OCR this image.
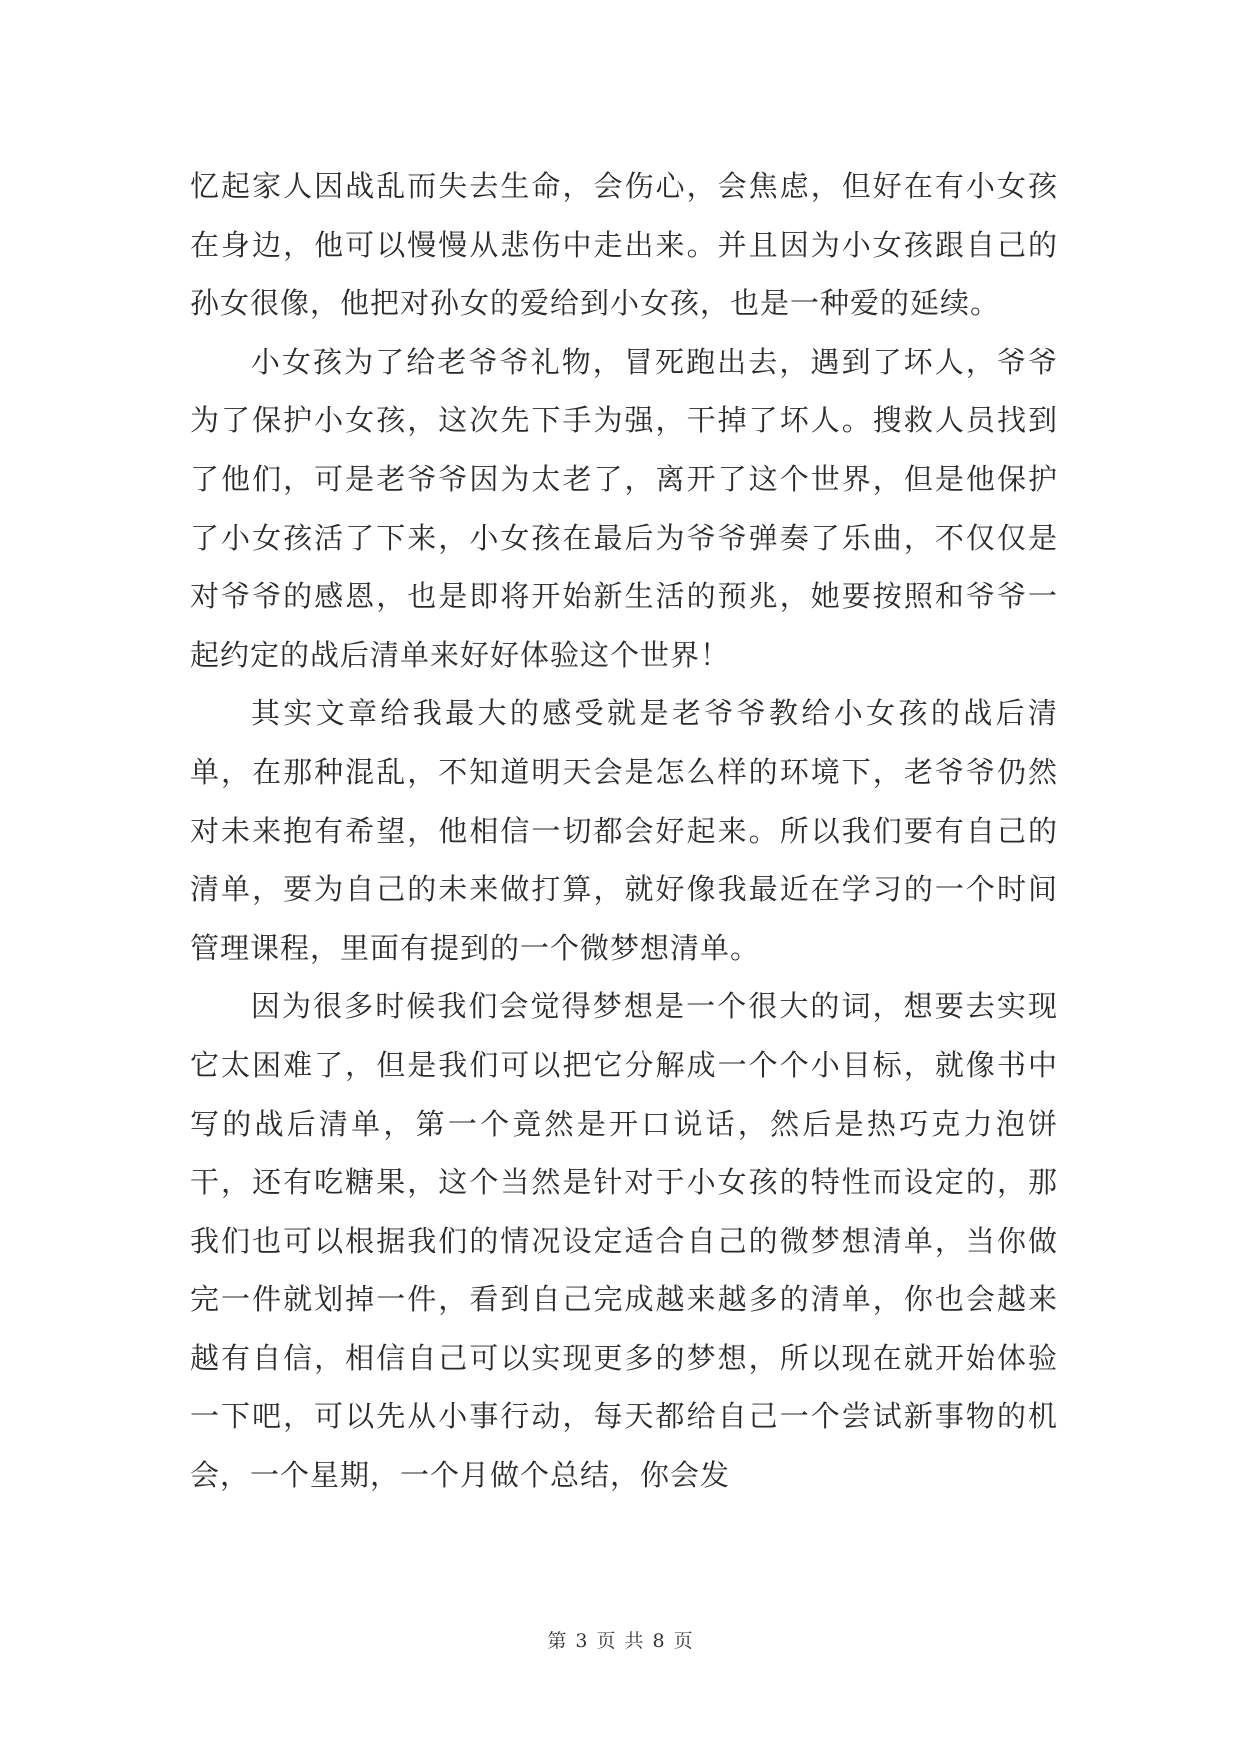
忆起家人因战乱而失去生命，会伤心，会焦虑，但好在有小女孩在身边，他可以慢慢从悲伤中走出来。并且因为小女孩跟自己的孙女很像，他把对孙女的爱给到小女孩，也是一种爱的延续。

小女孩为了给老爷爷礼物，冒死跑出去，遇到了坏人，爷爷为了保护小女孩，这次先下手为强，干掉了坏人。搜救人员找到了他们，可是老爷爷因为太老了，离开了这个世界，但是他保护了小女孩活了下来，小女孩在最后为爷爷弹奏了乐曲，不仅仅是对爷爷的感恩，也是即将开始新生活的预兆，她要按照和爷爷一起约定的战后清单来好好体验这个世界！

其实文章给我最大的感受就是老爷爷教给小女孩的战后清单，在那种混乱，不知道明天会是怎么样的环境下，老爷爷仍然对未来抱有希望，他相信一切都会好起来。所以我们要有自己的清单，要为自己的未来做打算，就好像我最近在学习的一个时间管理课程，里面有提到的一个微梦想清单。

因为很多时候我们会觉得梦想是一个很大的词，想要去实现它太困难了，但是我们可以把它分解成一个个小目标，就像书中写的战后清单，第一个竟然是开口说话，然后是热巧克力泡饼干，还有吃糖果，这个当然是针对于小女孩的特性而设定的，那我们也可以根据我们的情况设定适合自己的微梦想清单，当你做完一件就划掉一件，看到自己完成越来越多的清单，你也会越来越有自信，相信自己可以实现更多的梦想，所以现在就开始体验一下吧，可以先从小事行动，每天都给自己一个尝试新事物的机会，一个星期，一个月做个总结，你会发

第 3 页 共 8 页
